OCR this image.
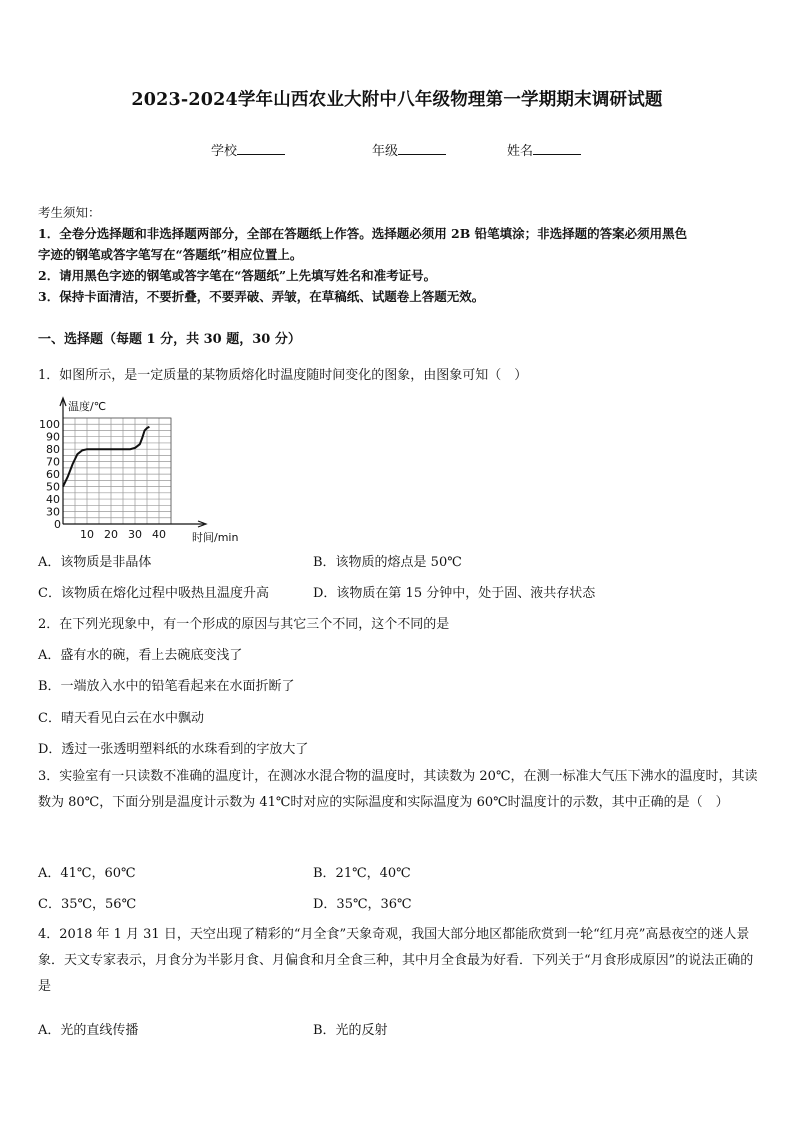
2023-2024学年山西农业大附中八年级物理第一学期期末调研试题
学校	年级	姓名
考生须知：
1．全卷分选择题和非选择题两部分，全部在答题纸上作答。选择题必须用 2B 铅笔填涂；非选择题的答案必须用黑色
字迹的钢笔或答字笔写在“答题纸”相应位置上。
2．请用黑色字迹的钢笔或答字笔在“答题纸”上先填写姓名和准考证号。
3．保持卡面清洁，不要折叠，不要弄破、弄皱，在草稿纸、试题卷上答题无效。
一、选择题（每题 1 分，共 30 题，30 分）
1．如图所示，是一定质量的某物质熔化时温度随时间变化的图象，由图象可知（　）
10 20 30 40
100
90
80
70
60
50
40
30
温度/℃
时间/min
0
A．该物质是非晶体	B．该物质的熔点是 50℃
C．该物质在熔化过程中吸热且温度升高	D．该物质在第 15 分钟中，处于固、液共存状态
2．在下列光现象中，有一个形成的原因与其它三个不同，这个不同的是
A．盛有水的碗，看上去碗底变浅了
B．一端放入水中的铅笔看起来在水面折断了
C．晴天看见白云在水中飘动
D．透过一张透明塑料纸的水珠看到的字放大了
3．实验室有一只读数不准确的温度计，在测冰水混合物的温度时，其读数为 20℃，在测一标准大气压下沸水的温度时，其读数为 80℃，下面分别是温度计示数为 41℃时对应的实际温度和实际温度为 60℃时温度计的示数，其中正确的是（　）
A．41℃，60℃	B．21℃，40℃
C．35℃，56℃	D．35℃，36℃
4．2018 年 1 月 31 日，天空出现了精彩的“月全食”天象奇观，我国大部分地区都能欣赏到一轮“红月亮”高悬夜空的迷人景象．天文专家表示，月食分为半影月食、月偏食和月全食三种，其中月全食最为好看．下列关于“月食形成原因”的说法正确的是
A．光的直线传播	B．光的反射
